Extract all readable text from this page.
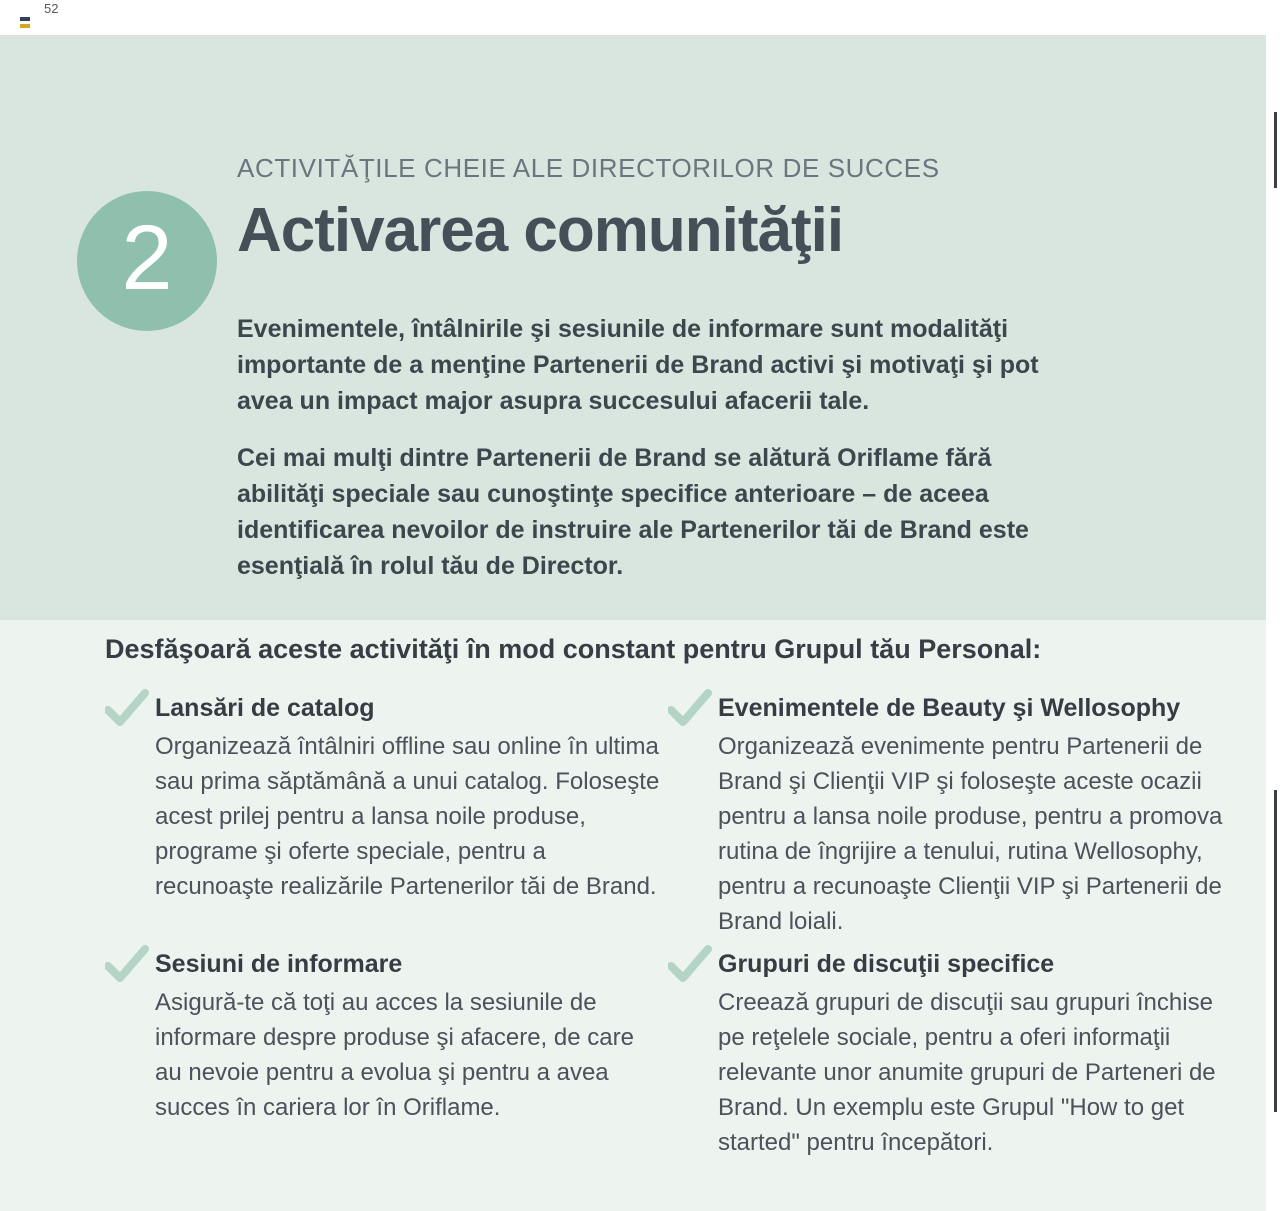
52
2
ACTIVITĂŢILE CHEIE ALE DIRECTORILOR DE SUCCES
Activarea comunităţii

Evenimentele, întâlnirile şi sesiunile de informare sunt modalităţi importante de a menţine Partenerii de Brand activi şi motivaţi şi pot avea un impact major asupra succesului afacerii tale.

Cei mai mulţi dintre Partenerii de Brand se alătură Oriflame fără abilităţi speciale sau cunoştinţe specifice anterioare – de aceea identificarea nevoilor de instruire ale Partenerilor tăi de Brand este esenţială în rolul tău de Director.

Desfăşoară aceste activităţi în mod constant pentru Grupul tău Personal:
Lansări de catalog
Organizează întâlniri offline sau online în ultima sau prima săptămână a unui catalog. Foloseşte acest prilej pentru a lansa noile produse, programe şi oferte speciale, pentru a recunoaşte realizările Partenerilor tăi de Brand.
Evenimentele de Beauty şi Wellosophy
Organizează evenimente pentru Partenerii de Brand şi Clienţii VIP şi foloseşte aceste ocazii pentru a lansa noile produse, pentru a promova rutina de îngrijire a tenului, rutina Wellosophy, pentru a recunoaşte Clienţii VIP şi Partenerii de Brand loiali.
Sesiuni de informare
Asigură-te că toţi au acces la sesiunile de informare despre produse şi afacere, de care au nevoie pentru a evolua şi pentru a avea succes în cariera lor în Oriflame.
Grupuri de discuţii specifice
Creează grupuri de discuţii sau grupuri închise pe reţelele sociale, pentru a oferi informaţii relevante unor anumite grupuri de Parteneri de Brand. Un exemplu este Grupul "How to get started" pentru începători.
